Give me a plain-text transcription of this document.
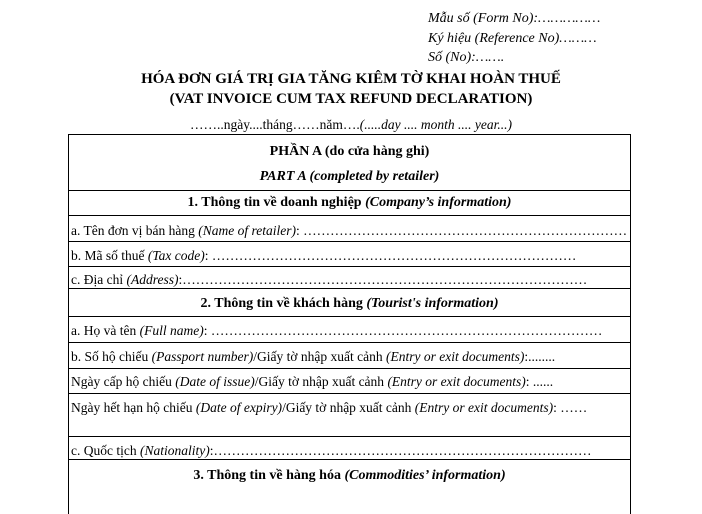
Mẫu số (Form No):……………
Ký hiệu (Reference No)………
Số (No):…….
HÓA ĐƠN GIÁ TRỊ GIA TĂNG KIÊM TỜ KHAI HOÀN THUẾ
(VAT INVOICE CUM TAX REFUND DECLARATION)
……..ngày....tháng……năm….(.....day .... month .... year...)
PHẦN A (do cửa hàng ghi)
PART A (completed by retailer)
1. Thông tin về doanh nghiệp (Company’s information)
a. Tên đơn vị bán hàng (Name of retailer): ………………………………………………………………
b. Mã số thuế (Tax code): ………………………………………………………………………
c. Địa chỉ (Address):………………………………………………………………………………
2. Thông tin về khách hàng (Tourist's information)
a. Họ và tên (Full name): ……………………………………………………………………………
b. Số hộ chiếu (Passport number)/Giấy tờ nhập xuất cảnh (Entry or exit documents):........
Ngày cấp hộ chiếu (Date of issue)/Giấy tờ nhập xuất cảnh (Entry or exit documents): ......
Ngày hết hạn hộ chiếu (Date of expiry)/Giấy tờ nhập xuất cảnh (Entry or exit documents): ……
c. Quốc tịch (Nationality):…………………………………………………………………………
3. Thông tin về hàng hóa (Commodities’ information)
